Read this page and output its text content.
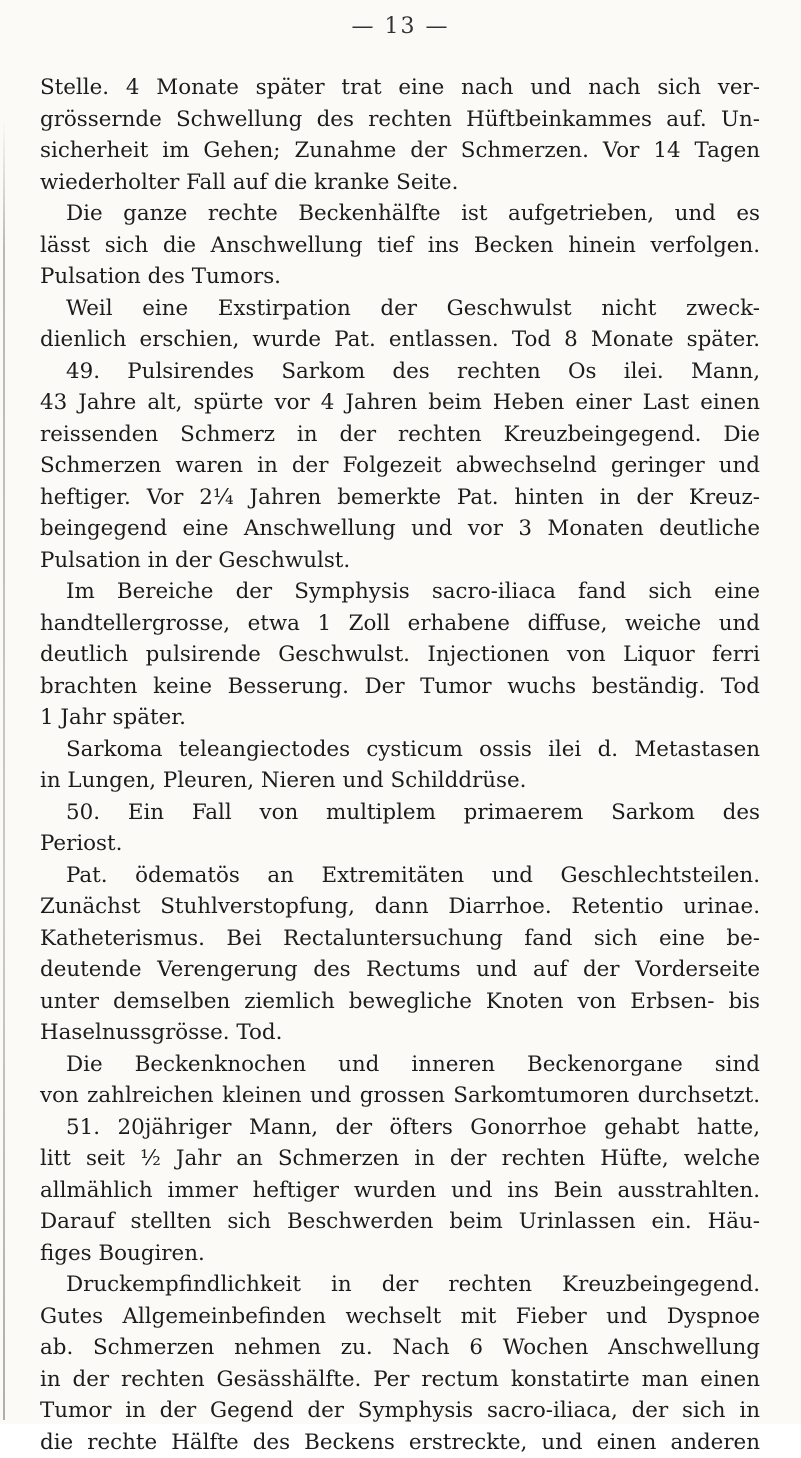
— 13 —
Stelle. 4 Monate später trat eine nach und nach sich ver-
grössernde Schwellung des rechten Hüftbeinkammes auf. Un-
sicherheit im Gehen; Zunahme der Schmerzen. Vor 14 Tagen
wiederholter Fall auf die kranke Seite.
Die ganze rechte Beckenhälfte ist aufgetrieben, und es
lässt sich die Anschwellung tief ins Becken hinein verfolgen.
Pulsation des Tumors.
Weil eine Exstirpation der Geschwulst nicht zweck-
dienlich erschien, wurde Pat. entlassen. Tod 8 Monate später.
49. Pulsirendes Sarkom des rechten Os ilei. Mann,
43 Jahre alt, spürte vor 4 Jahren beim Heben einer Last einen
reissenden Schmerz in der rechten Kreuzbeingegend. Die
Schmerzen waren in der Folgezeit abwechselnd geringer und
heftiger. Vor 2¼ Jahren bemerkte Pat. hinten in der Kreuz-
beingegend eine Anschwellung und vor 3 Monaten deutliche
Pulsation in der Geschwulst.
Im Bereiche der Symphysis sacro-iliaca fand sich eine
handtellergrosse, etwa 1 Zoll erhabene diffuse, weiche und
deutlich pulsirende Geschwulst. Injectionen von Liquor ferri
brachten keine Besserung. Der Tumor wuchs beständig. Tod
1 Jahr später.
Sarkoma teleangiectodes cysticum ossis ilei d. Metastasen
in Lungen, Pleuren, Nieren und Schilddrüse.
50. Ein Fall von multiplem primaerem Sarkom des
Periost.
Pat. ödematös an Extremitäten und Geschlechtsteilen.
Zunächst Stuhlverstopfung, dann Diarrhoe. Retentio urinae.
Katheterismus. Bei Rectaluntersuchung fand sich eine be-
deutende Verengerung des Rectums und auf der Vorderseite
unter demselben ziemlich bewegliche Knoten von Erbsen- bis
Haselnussgrösse. Tod.
Die Beckenknochen und inneren Beckenorgane sind
von zahlreichen kleinen und grossen Sarkomtumoren durchsetzt.
51. 20jähriger Mann, der öfters Gonorrhoe gehabt hatte,
litt seit ½ Jahr an Schmerzen in der rechten Hüfte, welche
allmählich immer heftiger wurden und ins Bein ausstrahlten.
Darauf stellten sich Beschwerden beim Urinlassen ein. Häu-
figes Bougiren.
Druckempfindlichkeit in der rechten Kreuzbeingegend.
Gutes Allgemeinbefinden wechselt mit Fieber und Dyspnoe
ab. Schmerzen nehmen zu. Nach 6 Wochen Anschwellung
in der rechten Gesässhälfte. Per rectum konstatirte man einen
Tumor in der Gegend der Symphysis sacro-iliaca, der sich in
die rechte Hälfte des Beckens erstreckte, und einen anderen
